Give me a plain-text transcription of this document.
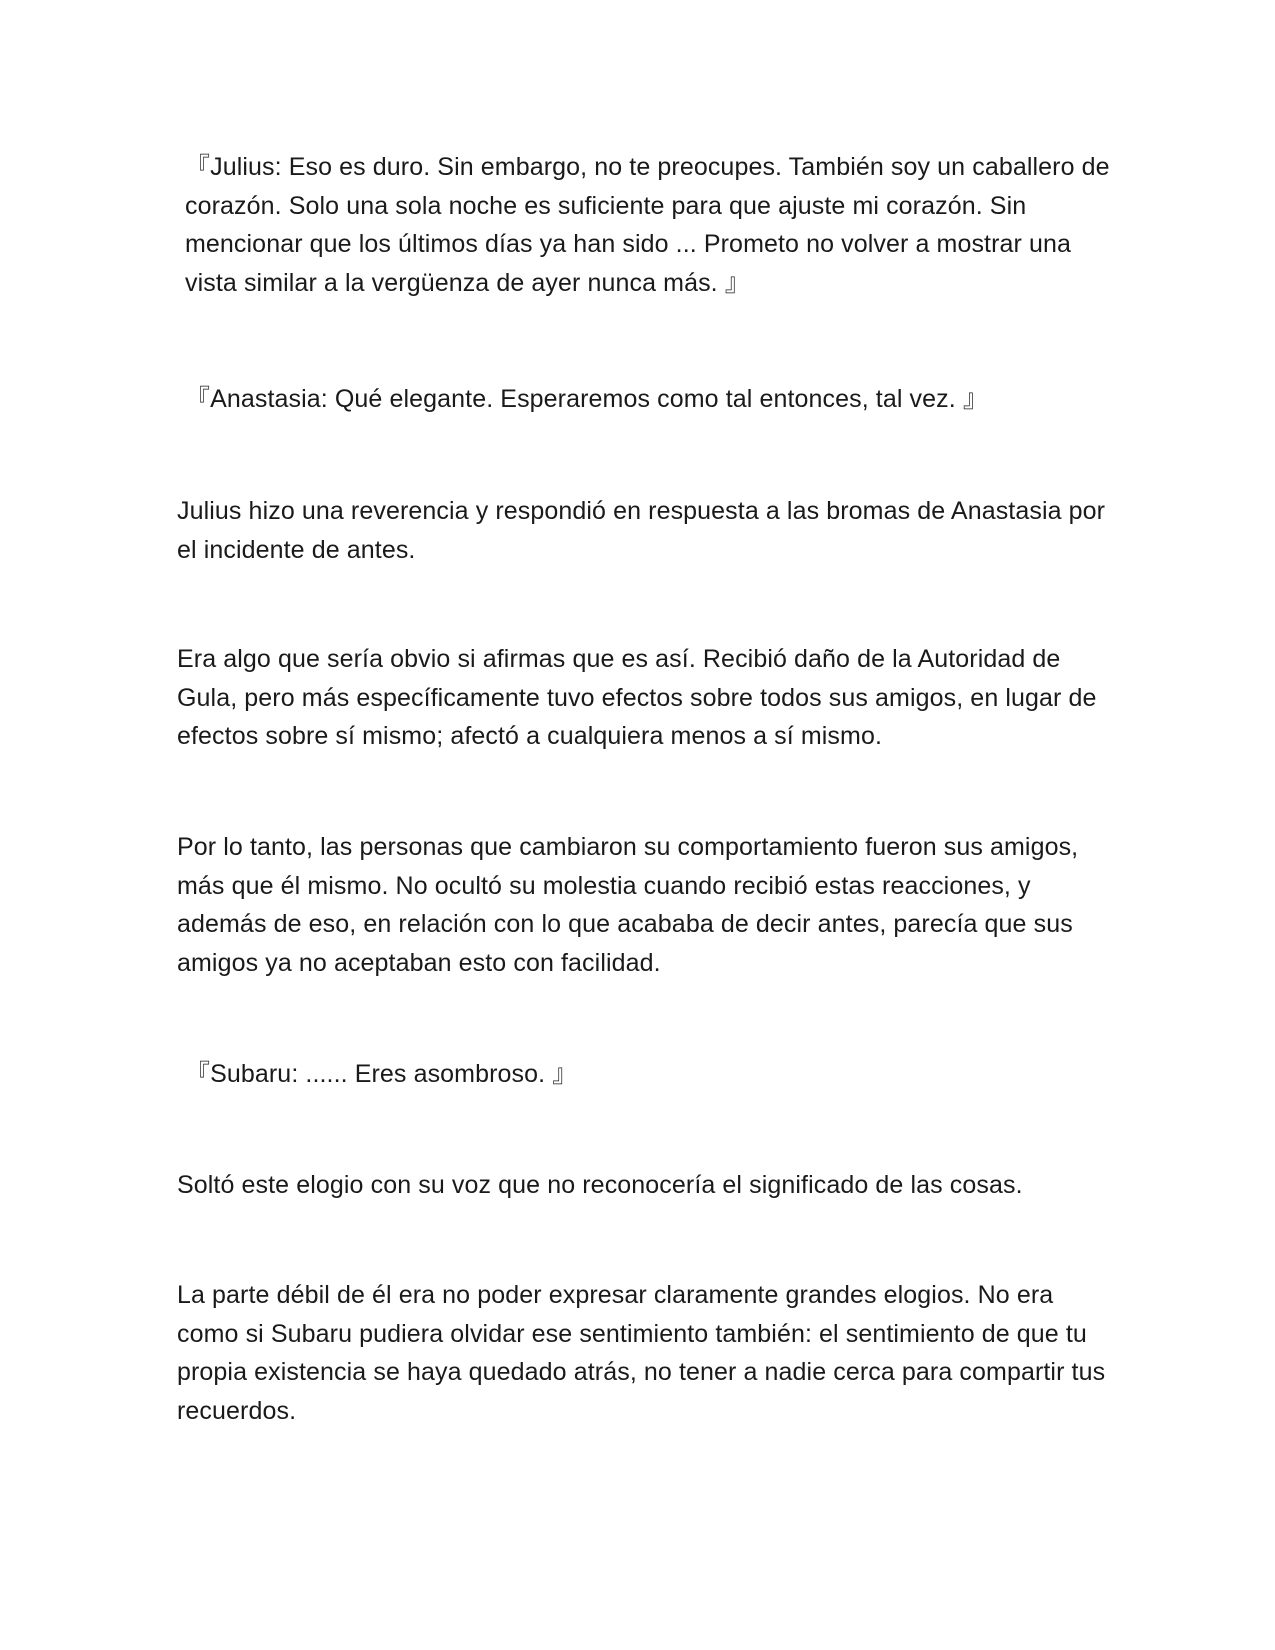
『Julius: Eso es duro. Sin embargo, no te preocupes. También soy un caballero de corazón. Solo una sola noche es suficiente para que ajuste mi corazón. Sin mencionar que los últimos días ya han sido ... Prometo no volver a mostrar una vista similar a la vergüenza de ayer nunca más. 』

『Anastasia: Qué elegante. Esperaremos como tal entonces, tal vez. 』

Julius hizo una reverencia y respondió en respuesta a las bromas de Anastasia por el incidente de antes.

Era algo que sería obvio si afirmas que es así. Recibió daño de la Autoridad de Gula, pero más específicamente tuvo efectos sobre todos sus amigos, en lugar de efectos sobre sí mismo; afectó a cualquiera menos a sí mismo.

Por lo tanto, las personas que cambiaron su comportamiento fueron sus amigos, más que él mismo. No ocultó su molestia cuando recibió estas reacciones, y además de eso, en relación con lo que acababa de decir antes, parecía que sus amigos ya no aceptaban esto con facilidad.

『Subaru: ...... Eres asombroso. 』

Soltó este elogio con su voz que no reconocería el significado de las cosas.

La parte débil de él era no poder expresar claramente grandes elogios. No era como si Subaru pudiera olvidar ese sentimiento también: el sentimiento de que tu propia existencia se haya quedado atrás, no tener a nadie cerca para compartir tus recuerdos.
